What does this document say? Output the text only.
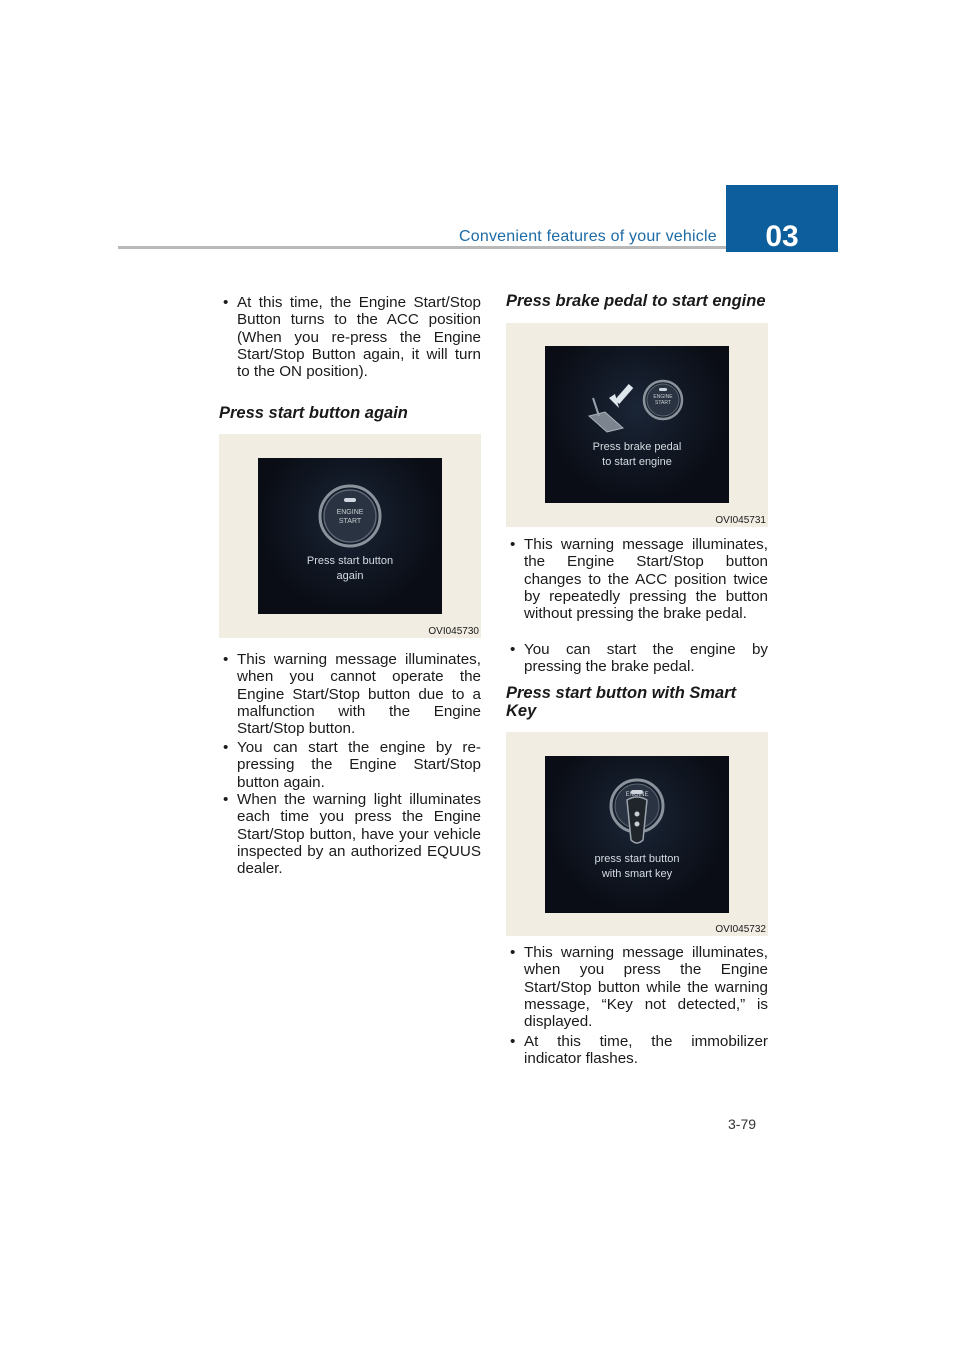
Convenient features of your vehicle	03
• At this time, the Engine Start/Stop Button turns to the ACC position (When you re-press the Engine Start/Stop Button again, it will turn to the ON position).
Press start button again
ENGINE
START
Press start button
again
OVI045730
• This warning message illuminates, when you cannot operate the Engine Start/Stop button due to a malfunction with the Engine Start/Stop button.
• You can start the engine by re-pressing the Engine Start/Stop button again.
• When the warning light illuminates each time you press the Engine Start/Stop button, have your vehicle inspected by an authorized EQUUS dealer.
Press brake pedal to start engine
ENGINE
START
Press brake pedal
to start engine
OVI045731
• This warning message illuminates, the Engine Start/Stop button changes to the ACC position twice by repeatedly pressing the button without pressing the brake pedal.
• You can start the engine by pressing the brake pedal.
Press start button with Smart
Key
ENGINE
press start button
with smart key
OVI045732
• This warning message illuminates, when you press the Engine Start/Stop button while the warning message, “Key not detected,” is displayed.
• At this time, the immobilizer indicator flashes.
3-79
